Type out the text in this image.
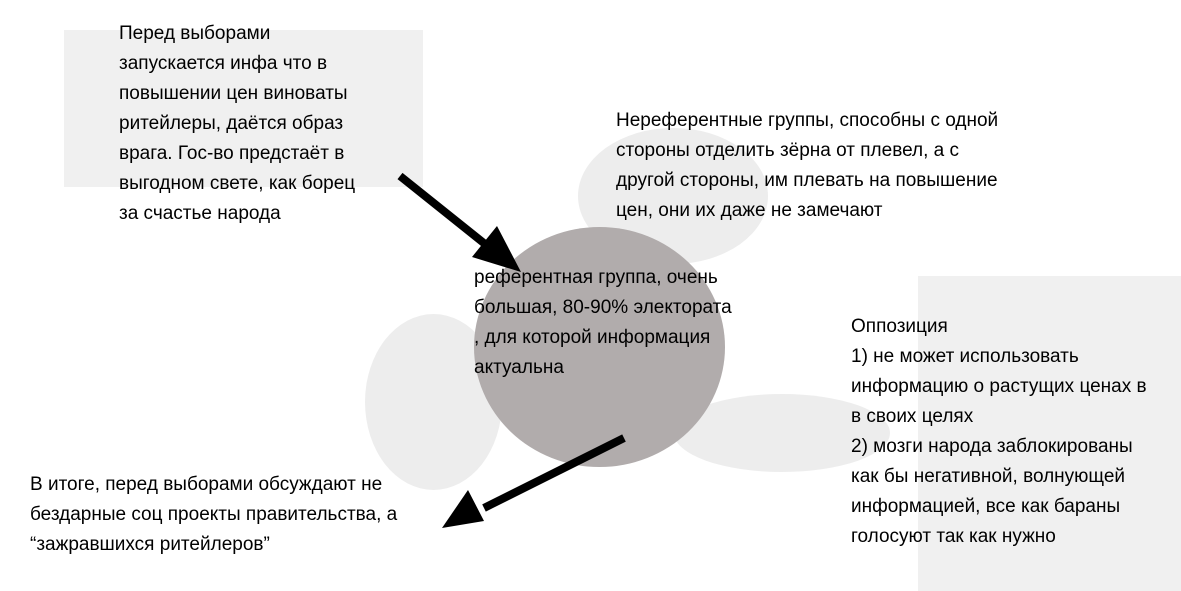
Перед выборами
запускается инфа что в
повышении цен виноваты
ритейлеры, даётся образ
врага. Гос-во предстаёт в
выгодном свете, как борец
за счастье народа

Нереферентные группы, способны с одной
стороны отделить зёрна от плевел, а с
другой стороны, им плевать на повышение
цен, они их даже не замечают

референтная группа, очень
большая, 80-90% электората
, для которой информация
актуальна

Оппозиция
1) не может использовать
информацию о растущих ценах в
в своих целях
2) мозги народа заблокированы
как бы негативной, волнующей
информацией, все как бараны
голосуют так как нужно

В итоге, перед выборами обсуждают не
бездарные соц проекты правительства, а
“зажравшихся ритейлеров”
